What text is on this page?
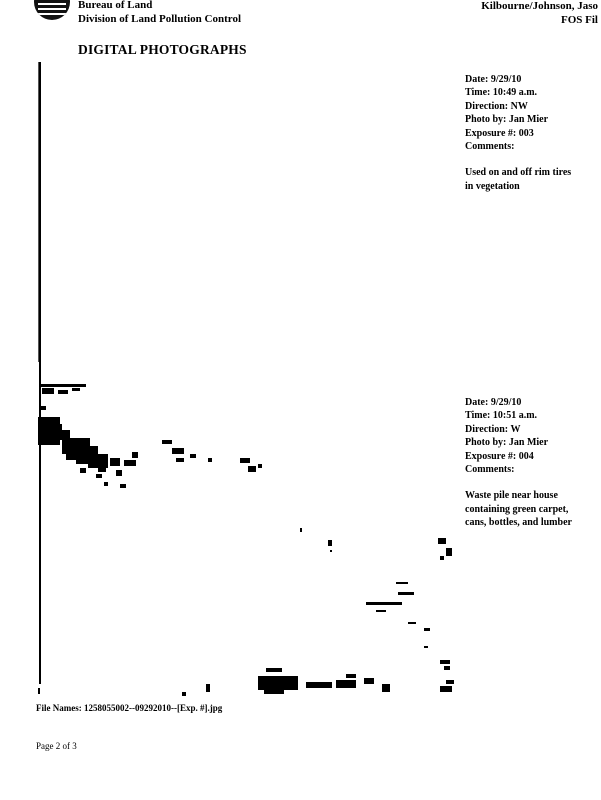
Bureau of Land
Division of Land Pollution Control
Kilbourne/Johnson, Jaso
FOS Fil
DIGITAL PHOTOGRAPHS
Date: 9/29/10
Time: 10:49 a.m.
Direction: NW
Photo by: Jan Mier
Exposure #: 003
Comments:
Used on and off rim tires
in vegetation
Date: 9/29/10
Time: 10:51 a.m.
Direction: W
Photo by: Jan Mier
Exposure #: 004
Comments:
Waste pile near house
containing green carpet,
cans, bottles, and lumber
File Names: 1258055002--09292010--[Exp. #].jpg
Page 2 of 3
